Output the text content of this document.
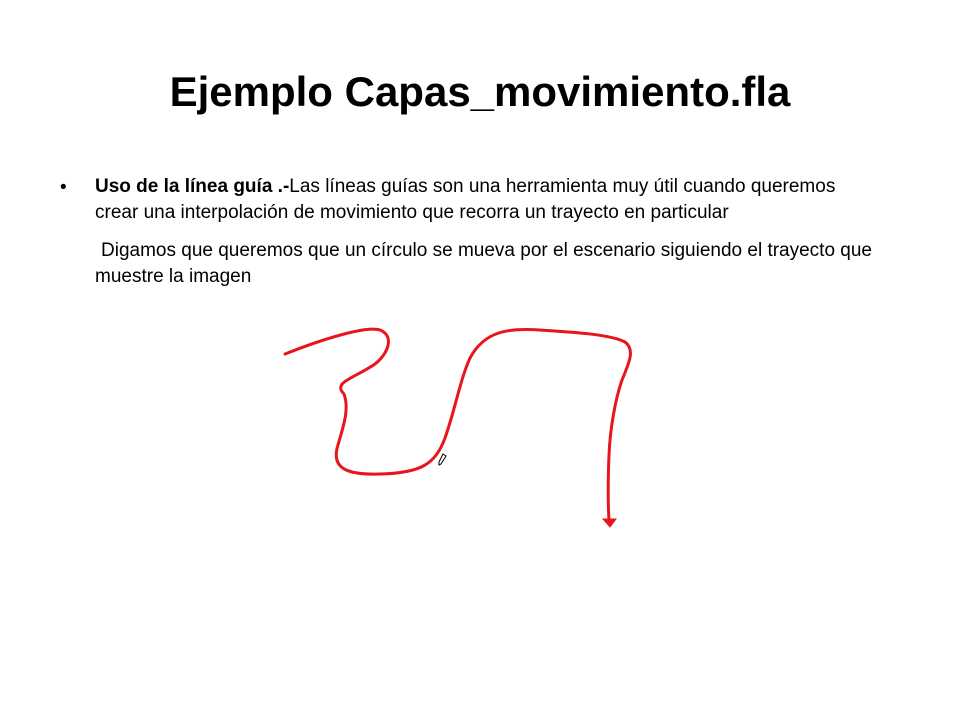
Ejemplo Capas_movimiento.fla
• Uso de la línea guía .-Las líneas guías son una herramienta muy útil cuando queremos crear una interpolación de movimiento que recorra un trayecto en particular

Digamos que queremos que un círculo se mueva por el escenario siguiendo el trayecto que muestre la imagen
